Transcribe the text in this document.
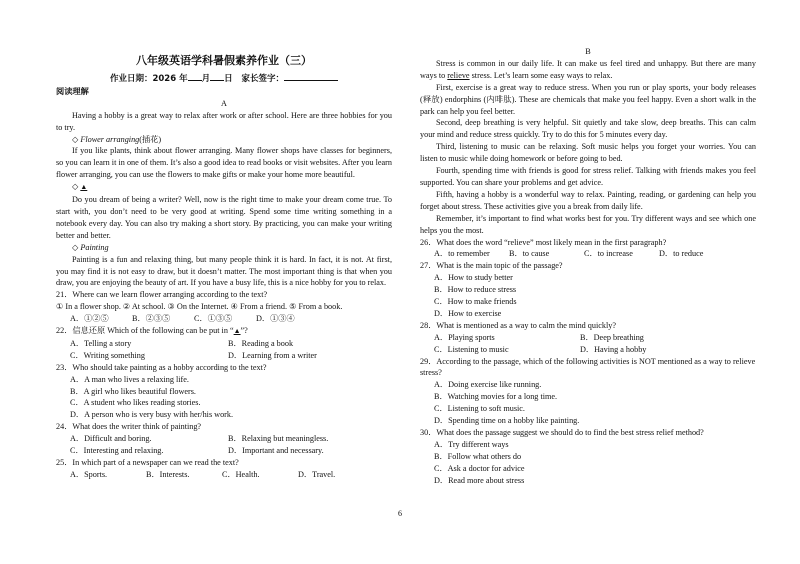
八年级英语学科暑假素养作业（三）
作业日期：2026 年 月 日 家长签字：
阅读理解
A

Having a hobby is a great way to relax after work or after school. Here are three hobbies for you to try.

◇ Flower arranging(插花)

If you like plants, think about flower arranging. Many flower shops have classes for beginners, so you can learn it in one of them. It’s also a good idea to read books or visit websites. After you learn flower arranging, you can use the flowers to make gifts or make your home more beautiful.

◇ ▲

Do you dream of being a writer? Well, now is the right time to make your dream come true. To start with, you don’t need to be very good at writing. Spend some time writing something in a notebook every day. You can also try making a short story. By practicing, you can make your writing better and better.

◇ Painting

Painting is a fun and relaxing thing, but many people think it is hard. In fact, it is not. At first, you may find it is not easy to draw, but it doesn’t matter. The most important thing is that when you draw, you are enjoying the beauty of art. If you have a busy life, this is a nice hobby for you to relax.

21．Where can we learn flower arranging according to the text?
① In a flower shop. ② At school. ③ On the Internet. ④ From a friend. ⑤ From a book.
A．①②⑤	B．②③⑤	C．①③⑤	D．①③④
22．信息还原 Which of the following can be put in “▲”?
A．Telling a story	B．Reading a book
C．Writing something	D．Learning from a writer
23．Who should take painting as a hobby according to the text?
A．A man who lives a relaxing life.
B．A girl who likes beautiful flowers.
C．A student who likes reading stories.
D．A person who is very busy with her/his work.
24．What does the writer think of painting?
A．Difficult and boring.	B．Relaxing but meaningless.
C．Interesting and relaxing.	D．Important and necessary.
25．In which part of a newspaper can we read the text?
A．Sports.	B．Interests.	C．Health.	D．Travel.
B

Stress is common in our daily life. It can make us feel tired and unhappy. But there are many ways to relieve stress. Let’s learn some easy ways to relax.

First, exercise is a great way to reduce stress. When you run or play sports, your body releases (释放) endorphins (内啡肽). These are chemicals that make you feel happy. Even a short walk in the park can help you feel better.

Second, deep breathing is very helpful. Sit quietly and take slow, deep breaths. This can calm your mind and reduce stress quickly. Try to do this for 5 minutes every day.

Third, listening to music can be relaxing. Soft music helps you forget your worries. You can listen to music while doing homework or before going to bed.

Fourth, spending time with friends is good for stress relief. Talking with friends makes you feel supported. You can share your problems and get advice.

Fifth, having a hobby is a wonderful way to relax. Painting, reading, or gardening can help you forget about stress. These activities give you a break from daily life.

Remember, it’s important to find what works best for you. Try different ways and see which one helps you the most.

26．What does the word “relieve” most likely mean in the first paragraph?
A．to remember	B．to cause	C．to increase	D．to reduce
27．What is the main topic of the passage?
A．How to study better
B．How to reduce stress
C．How to make friends
D．How to exercise
28．What is mentioned as a way to calm the mind quickly?
A．Playing sports	B．Deep breathing
C．Listening to music	D．Having a hobby
29．According to the passage, which of the following activities is NOT mentioned as a way to relieve stress?
A．Doing exercise like running.
B．Watching movies for a long time.
C．Listening to soft music.
D．Spending time on a hobby like painting.
30．What does the passage suggest we should do to find the best stress relief method?
A．Try different ways
B．Follow what others do
C．Ask a doctor for advice
D．Read more about stress
6
